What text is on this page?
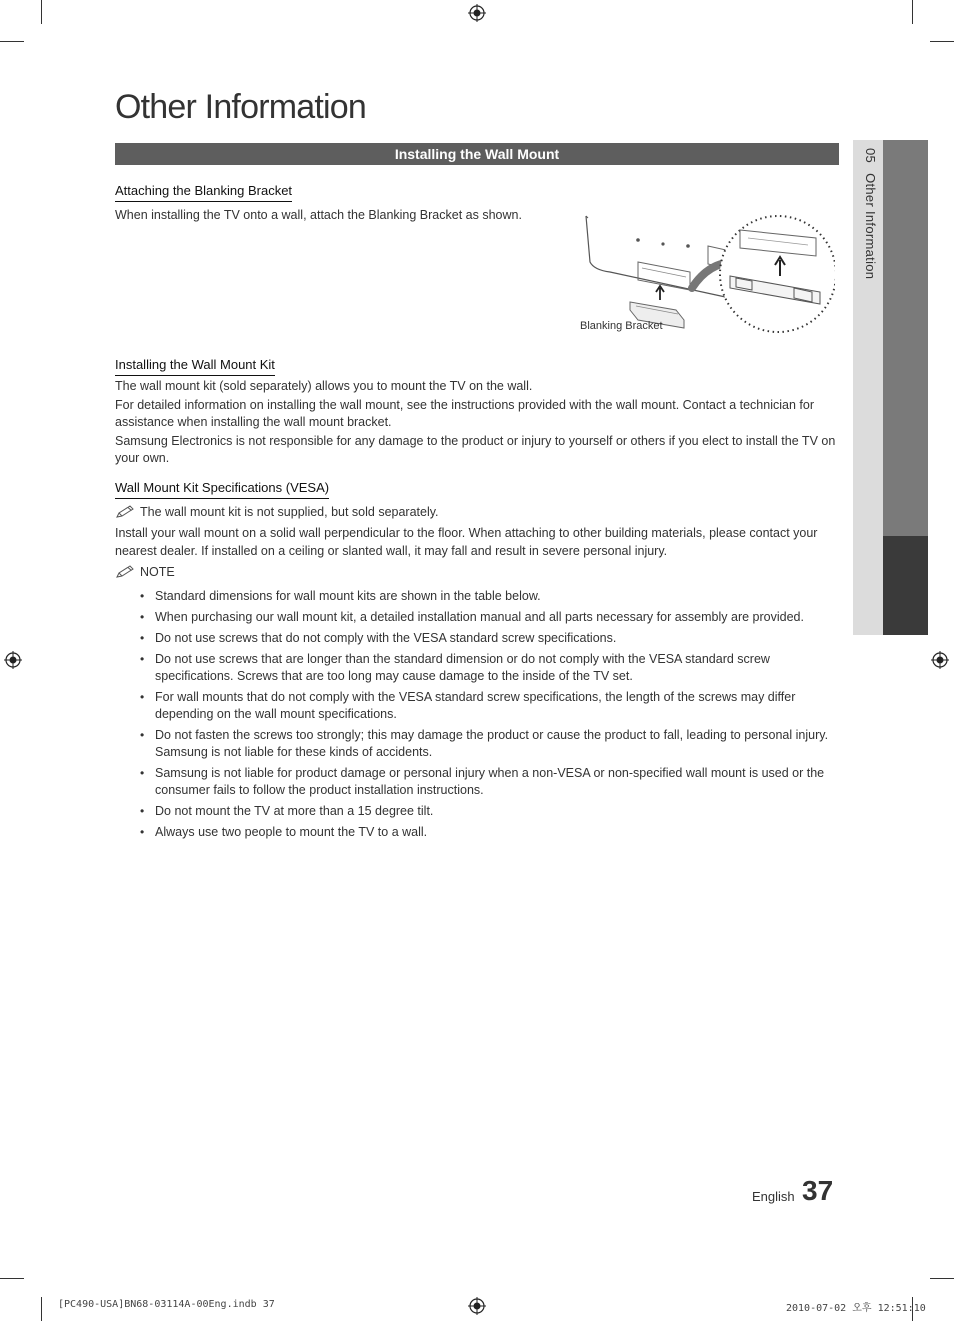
Other Information
Installing the Wall Mount	05Other Information
Attaching the Blanking Bracket
When installing the TV onto a wall, attach the Blanking Bracket as shown.
Blanking Bracket
Installing the Wall Mount Kit

The wall mount kit (sold separately) allows you to mount the TV on the wall.

For detailed information on installing the wall mount, see the instructions provided with the wall mount. Contact a technician for assistance when installing the wall mount bracket.

Samsung Electronics is not responsible for any damage to the product or injury to yourself or others if you elect to install the TV on your own.

Wall Mount Kit Specifications (VESA)
The wall mount kit is not supplied, but sold separately.
Install your wall mount on a solid wall perpendicular to the floor. When attaching to other building materials, please contact your nearest dealer. If installed on a ceiling or slanted wall, it may fall and result in severe personal injury.
NOTE
• Standard dimensions for wall mount kits are shown in the table below.
• When purchasing our wall mount kit, a detailed installation manual and all parts necessary for assembly are provided.
• Do not use screws that do not comply with the VESA standard screw specifications.
• Do not use screws that are longer than the standard dimension or do not comply with the VESA standard screw specifications. Screws that are too long may cause damage to the inside of the TV set.
• For wall mounts that do not comply with the VESA standard screw specifications, the length of the screws may differ depending on the wall mount specifications.
• Do not fasten the screws too strongly; this may damage the product or cause the product to fall, leading to personal injury. Samsung is not liable for these kinds of accidents.
• Samsung is not liable for product damage or personal injury when a non-VESA or non-specified wall mount is used or the consumer fails to follow the product installation instructions.
• Do not mount the TV at more than a 15 degree tilt.
• Always use two people to mount the TV to a wall.
English 37
[PC490-USA]BN68-03114A-00Eng.indb 37	2010-07-02 오후 12:51:10
